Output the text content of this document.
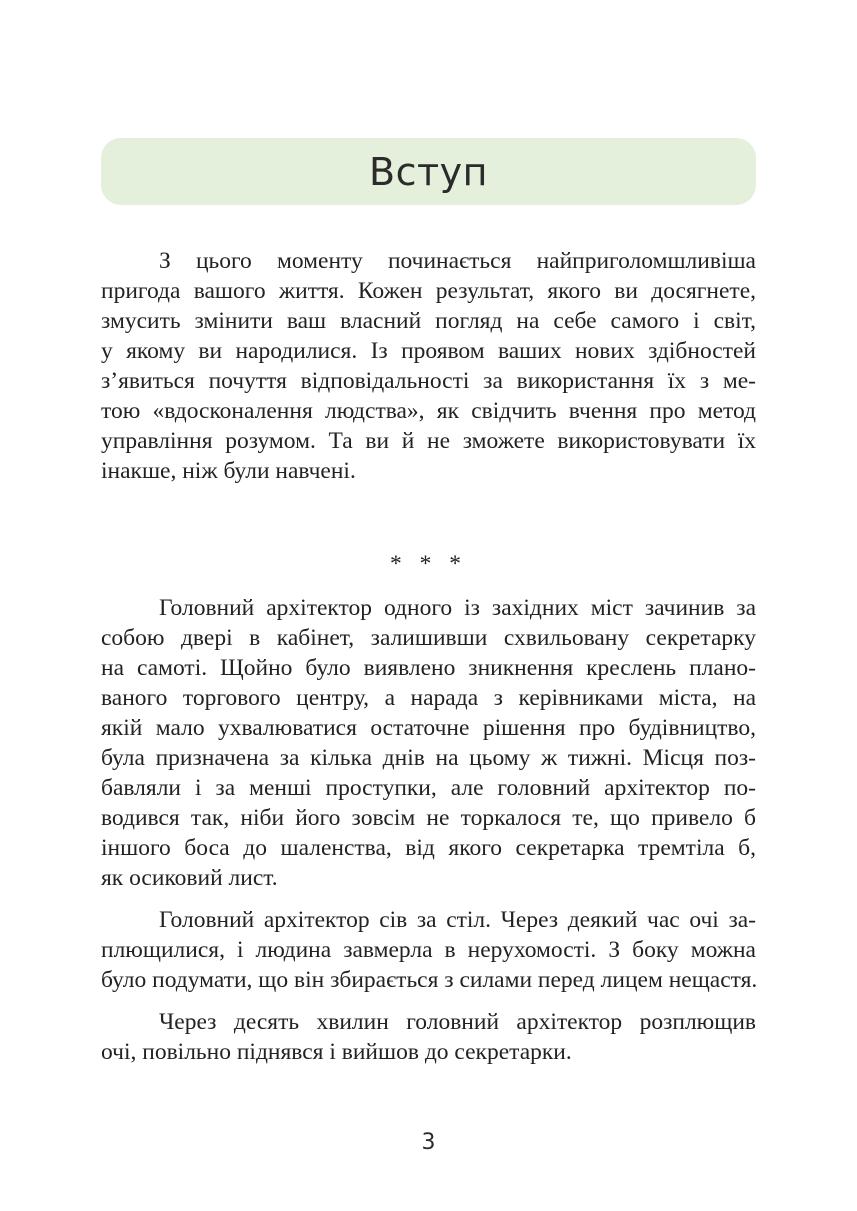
Вступ
З цього моменту починається найприголомшливіша
пригода вашого життя. Кожен результат, якого ви досягнете,
змусить змінити ваш власний погляд на себе самого і світ,
у якому ви народилися. Із проявом ваших нових здібностей
з’явиться почуття відповідальності за використання їх з ме-
тою «вдосконалення людства», як свідчить вчення про метод
управління розумом. Та ви й не зможете використовувати їх
інакше, ніж були навчені.
* * *
Головний архітектор одного із західних міст зачинив за
собою двері в кабінет, залишивши схвильовану секретарку
на самоті. Щойно було виявлено зникнення креслень плано-
ваного торгового центру, а нарада з керівниками міста, на
якій мало ухвалюватися остаточне рішення про будівництво,
була призначена за кілька днів на цьому ж тижні. Місця поз-
бавляли і за менші проступки, але головний архітектор по-
водився так, ніби його зовсім не торкалося те, що привело б
іншого боса до шаленства, від якого секретарка тремтіла б,
як осиковий лист.
Головний архітектор сів за стіл. Через деякий час очі за-
плющилися, і людина завмерла в нерухомості. З боку можна
було подумати, що він збирається з силами перед лицем нещастя.
Через десять хвилин головний архітектор розплющив
очі, повільно піднявся і вийшов до секретарки.
3
